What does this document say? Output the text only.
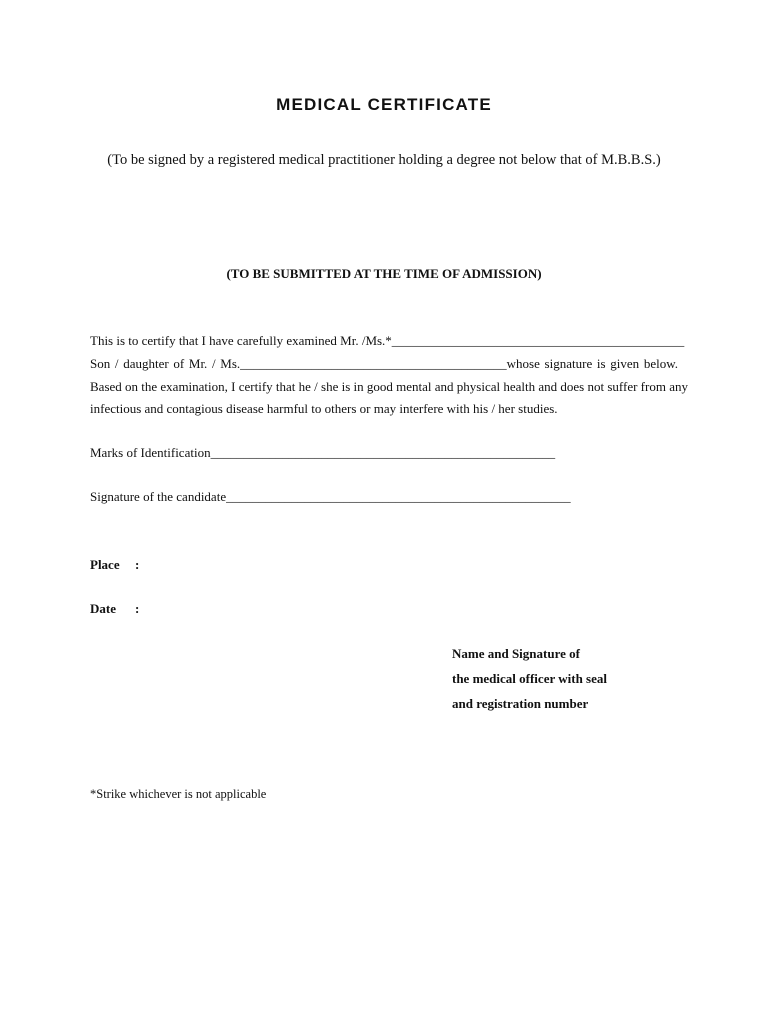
MEDICAL CERTIFICATE
(To be signed by a registered medical practitioner holding a degree not below that of M.B.B.S.)
(TO BE SUBMITTED AT THE TIME OF ADMISSION)
This is to certify that I have carefully examined Mr. /Ms.*_____________________________________________
Son / daughter of Mr. / Ms._________________________________________whose signature is given below.
Based on the examination, I certify that he / she is in good mental and physical health and does not suffer from any
infectious and contagious disease harmful to others or may interfere with his / her studies.
Marks of Identification_____________________________________________________
Signature of the candidate_____________________________________________________
Place :
Date :
Name and Signature of
the medical officer with seal
and registration number
*Strike whichever is not applicable
